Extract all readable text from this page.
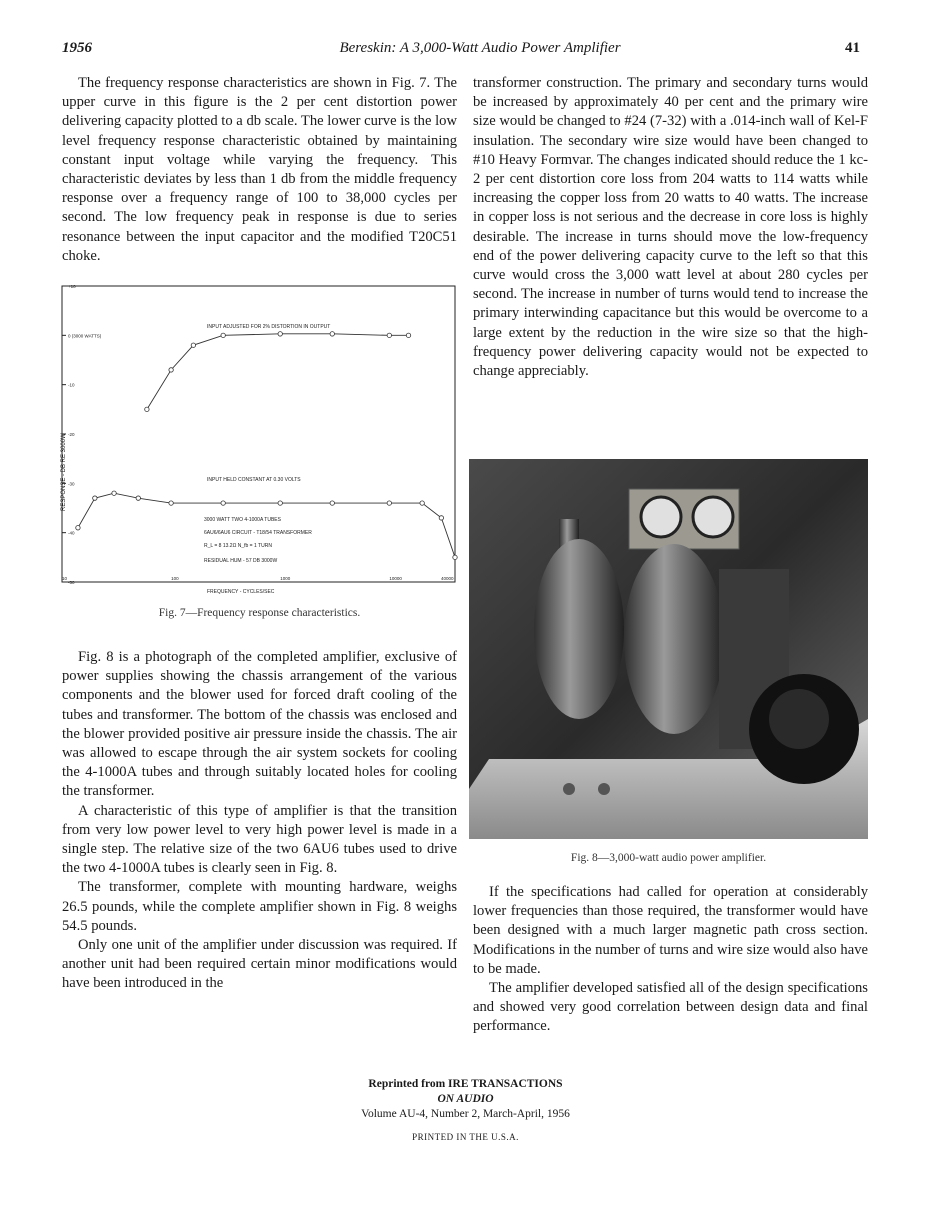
1956	Bereskin: A 3,000-Watt Audio Power Amplifier	41

The frequency response characteristics are shown in Fig. 7. The upper curve in this figure is the 2 per cent distortion power delivering capacity plotted to a db scale. The lower curve is the low level frequency response characteristic obtained by maintaining constant input voltage while varying the frequency. This characteristic deviates by less than 1 db from the middle frequency response over a frequency range of 100 to 38,000 cycles per second. The low frequency peak in response is due to series resonance between the input capacitor and the modified T20C51 choke.

+10
0 (3000 WATTS)
-10
-20
-30
-40
-50
10	100	1000	10000	40000
RESPONSE - DB RE 3000W
FREQUENCY - CYCLES/SEC
INPUT ADJUSTED FOR 2% DISTORTION IN OUTPUT
INPUT HELD CONSTANT AT 0.30 VOLTS
3000 WATT TWO 4-1000A TUBES
6AU6/6AU6 CIRCUIT - T18/54 TRANSFORMER
R_L = 8 13.2Ω N_fb = 1 TURN
RESIDUAL HUM - 57 DB 3000W
Fig. 7—Frequency response characteristics.

Fig. 8 is a photograph of the completed amplifier, exclusive of power supplies showing the chassis arrangement of the various components and the blower used for forced draft cooling of the tubes and transformer. The bottom of the chassis was enclosed and the blower provided positive air pressure inside the chassis. The air was allowed to escape through the air system sockets for cooling the 4-1000A tubes and through suitably located holes for cooling the transformer.

A characteristic of this type of amplifier is that the transition from very low power level to very high power level is made in a single step. The relative size of the two 6AU6 tubes used to drive the two 4-1000A tubes is clearly seen in Fig. 8.

The transformer, complete with mounting hardware, weighs 26.5 pounds, while the complete amplifier shown in Fig. 8 weighs 54.5 pounds.

Only one unit of the amplifier under discussion was required. If another unit had been required certain minor modifications would have been introduced in the

transformer construction. The primary and secondary turns would be increased by approximately 40 per cent and the primary wire size would be changed to #24 (7-32) with a .014-inch wall of Kel-F insulation. The secondary wire size would have been changed to #10 Heavy Formvar. The changes indicated should reduce the 1 kc-2 per cent distortion core loss from 204 watts to 114 watts while increasing the copper loss from 20 watts to 40 watts. The increase in copper loss is not serious and the decrease in core loss is highly desirable. The increase in turns should move the low-frequency end of the power delivering capacity curve to the left so that this curve would cross the 3,000 watt level at about 280 cycles per second. The increase in number of turns would tend to increase the primary interwinding capacitance but this would be overcome to a large extent by the reduction in the wire size so that the high-frequency power delivering capacity would not be expected to change appreciably.

Fig. 8—3,000-watt audio power amplifier.

If the specifications had called for operation at considerably lower frequencies than those required, the transformer would have been designed with a much larger magnetic path cross section. Modifications in the number of turns and wire size would also have to be made.

The amplifier developed satisfied all of the design specifications and showed very good correlation between design data and final performance.

Reprinted from IRE TRANSACTIONS
ON AUDIO
Volume AU-4, Number 2, March-April, 1956
PRINTED IN THE U.S.A.
